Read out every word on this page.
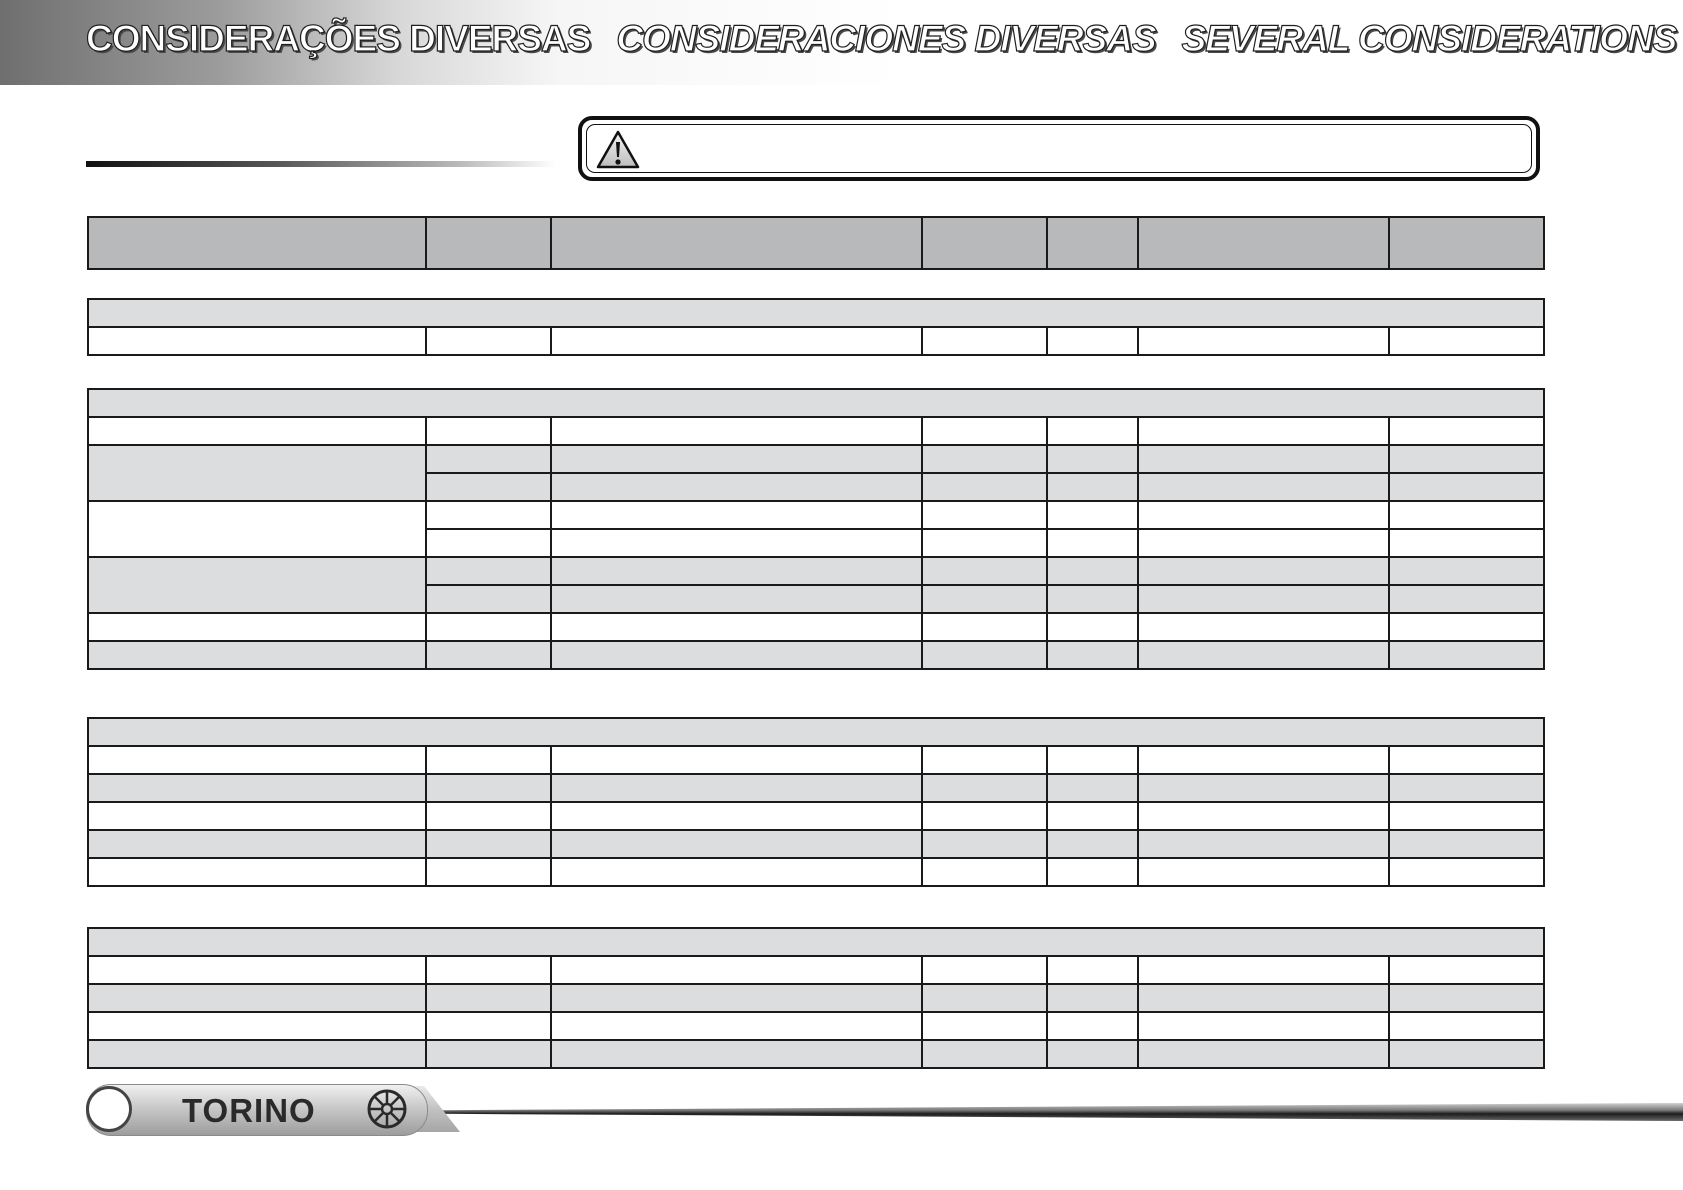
CONSIDERAÇÕES DIVERSAS CONSIDERACIONES DIVERSAS SEVERAL CONSIDERATIONS

TORINO
